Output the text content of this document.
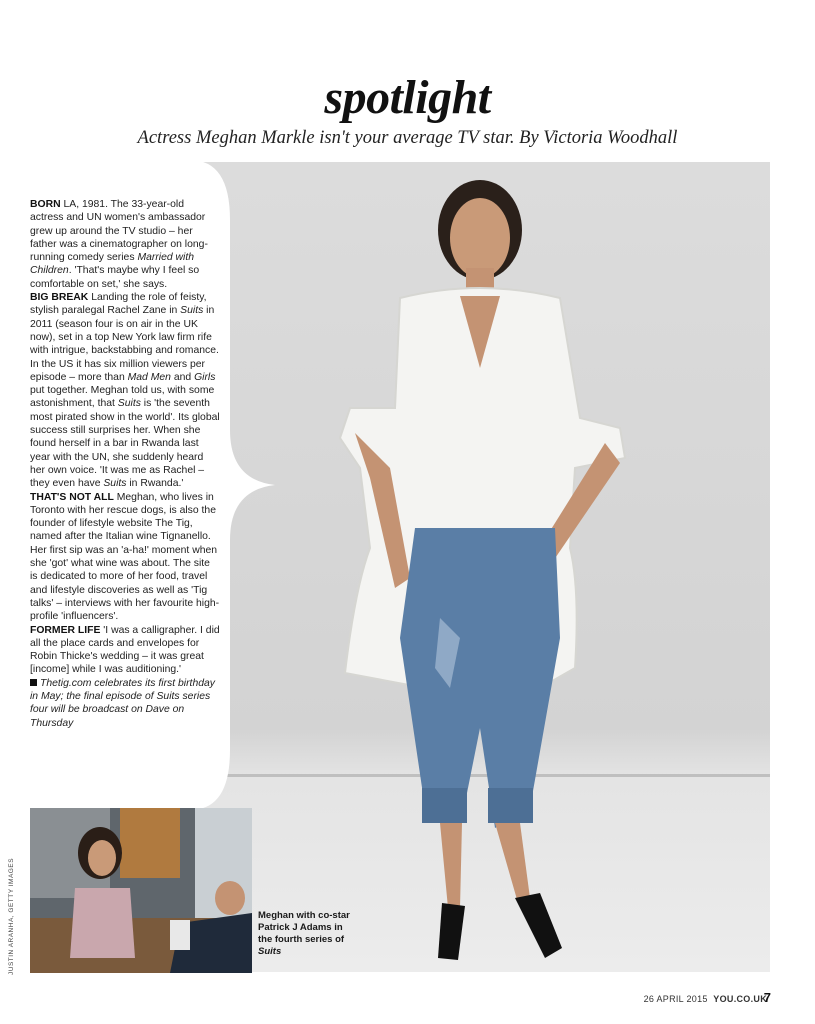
spotlight
Actress Meghan Markle isn't your average TV star. By Victoria Woodhall

BORN LA, 1981. The 33-year-old actress and UN women's ambassador grew up around the TV studio – her father was a cinematographer on long-running comedy series Married with Children. 'That's maybe why I feel so comfortable on set,' she says.

BIG BREAK Landing the role of feisty, stylish paralegal Rachel Zane in Suits in 2011 (season four is on air in the UK now), set in a top New York law firm rife with intrigue, backstabbing and romance. In the US it has six million viewers per episode – more than Mad Men and Girls put together. Meghan told us, with some astonishment, that Suits is 'the seventh most pirated show in the world'. Its global success still surprises her. When she found herself in a bar in Rwanda last year with the UN, she suddenly heard her own voice. 'It was me as Rachel – they even have Suits in Rwanda.'

THAT'S NOT ALL Meghan, who lives in Toronto with her rescue dogs, is also the founder of lifestyle website The Tig, named after the Italian wine Tignanello. Her first sip was an 'a-ha!' moment when she 'got' what wine was about. The site is dedicated to more of her food, travel and lifestyle discoveries as well as 'Tig talks' – interviews with her favourite high-profile 'influencers'.

FORMER LIFE 'I was a calligrapher. I did all the place cards and envelopes for Robin Thicke's wedding – it was great [income] while I was auditioning.'

Thetig.com celebrates its first birthday in May; the final episode of Suits series four will be broadcast on Dave on Thursday

Meghan with co-star Patrick J Adams in the fourth series of Suits
JUSTIN ARANHA, GETTY IMAGES
26 APRIL 2015 YOU.CO.UK
7
